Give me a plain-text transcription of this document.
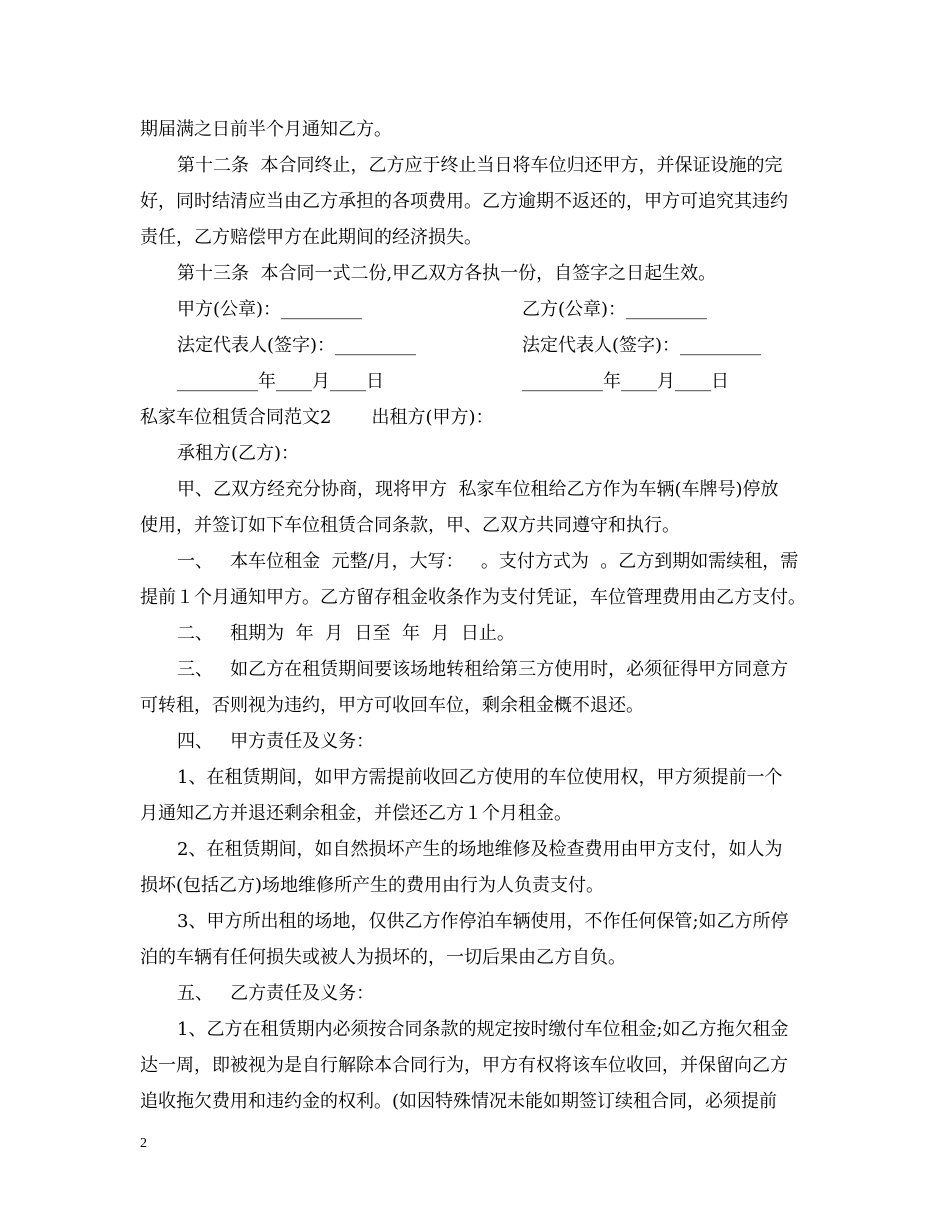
期届满之日前半个月通知乙方。
第十二条  本合同终止，乙方应于终止当日将车位归还甲方，并保证设施的完
好，同时结清应当由乙方承担的各项费用。乙方逾期不返还的，甲方可追究其违约
责任，乙方赔偿甲方在此期间的经济损失。
第十三条  本合同一式二份,甲乙双方各执一份，自签字之日起生效。
甲方(公章)：_________	乙方(公章)：_________
法定代表人(签字)：_________	法定代表人(签字)：_________
_________年____月____日	_________年____月____日
私家车位租赁合同范文2       出租方(甲方)：
承租方(乙方)：
甲、乙双方经充分协商，现将甲方  私家车位租给乙方作为车辆(车牌号)停放
使用，并签订如下车位租赁合同条款，甲、乙双方共同遵守和执行。
一、   本车位租金  元整/月，大写：   。支付方式为  。乙方到期如需续租，需
提前１个月通知甲方。乙方留存租金收条作为支付凭证，车位管理费用由乙方支付。
二、   租期为  年  月  日至  年  月  日止。
三、   如乙方在租赁期间要该场地转租给第三方使用时，必须征得甲方同意方
可转租，否则视为违约，甲方可收回车位，剩余租金概不退还。
四、   甲方责任及义务：
1、在租赁期间，如甲方需提前收回乙方使用的车位使用权，甲方须提前一个
月通知乙方并退还剩余租金，并偿还乙方１个月租金。
2、在租赁期间，如自然损坏产生的场地维修及检查费用由甲方支付，如人为
损坏(包括乙方)场地维修所产生的费用由行为人负责支付。
3、甲方所出租的场地，仅供乙方作停泊车辆使用，不作任何保管;如乙方所停
泊的车辆有任何损失或被人为损坏的，一切后果由乙方自负。
五、   乙方责任及义务：
1、乙方在租赁期内必须按合同条款的规定按时缴付车位租金;如乙方拖欠租金
达一周，即被视为是自行解除本合同行为，甲方有权将该车位收回，并保留向乙方
追收拖欠费用和违约金的权利。(如因特殊情况未能如期签订续租合同，必须提前
2
